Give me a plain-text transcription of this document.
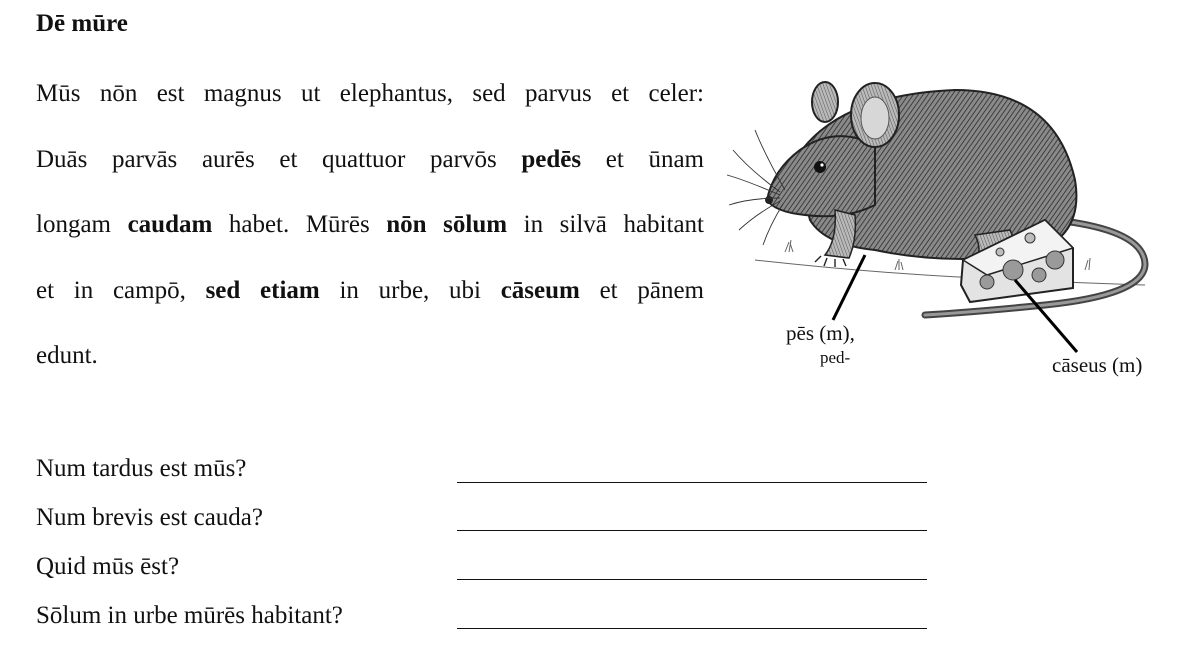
Dē mūre
Mūs nōn est magnus ut elephantus, sed parvus et celer:
Duās parvās aurēs et quattuor parvōs pedēs et ūnam
longam caudam habet. Mūrēs nōn sōlum in silvā habitant
et in campō, sed etiam in urbe, ubi cāseum et pānem
edunt.
pēs (m),
ped-	cāseus (m)
Num tardus est mūs?
Num brevis est cauda?
Quid mūs ēst?
Sōlum in urbe mūrēs habitant?
